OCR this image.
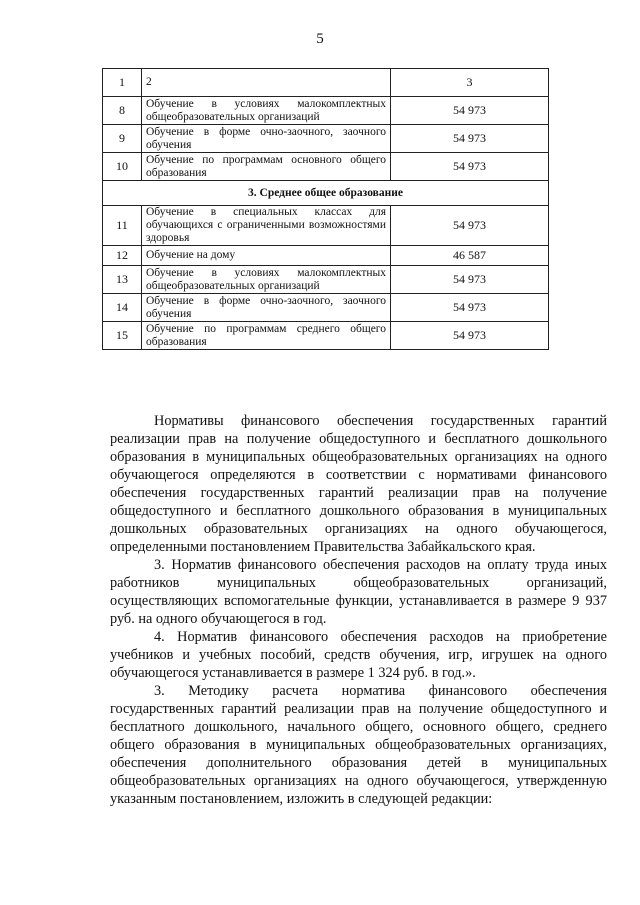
5
1	2	3
8	Обучение в условиях малокомплектных общеобразовательных организаций	54 973
9	Обучение в форме очно-заочного, заочного обучения	54 973
10	Обучение по программам основного общего образования	54 973
3. Среднее общее образование		
11	Обучение в специальных классах для обучающихся с ограниченными возможностями здоровья	54 973
12	Обучение на дому	46 587
13	Обучение в условиях малокомплектных общеобразовательных организаций	54 973
14	Обучение в форме очно-заочного, заочного обучения	54 973
15	Обучение по программам среднего общего образования	54 973

Нормативы финансового обеспечения государственных гарантий реализации прав на получение общедоступного и бесплатного дошкольного образования в муниципальных общеобразовательных организациях на одного обучающегося определяются в соответствии с нормативами финансового обеспечения государственных гарантий реализации прав на получение общедоступного и бесплатного дошкольного образования в муниципальных дошкольных образовательных организациях на одного обучающегося, определенными постановлением Правительства Забайкальского края.

3. Норматив финансового обеспечения расходов на оплату труда иных работников муниципальных общеобразовательных организаций, осуществляющих вспомогательные функции, устанавливается в размере 9 937 руб. на одного обучающегося в год.

4. Норматив финансового обеспечения расходов на приобретение учебников и учебных пособий, средств обучения, игр, игрушек на одного обучающегося устанавливается в размере 1 324 руб. в год.».

3. Методику расчета норматива финансового обеспечения государственных гарантий реализации прав на получение общедоступного и бесплатного дошкольного, начального общего, основного общего, среднего общего образования в муниципальных общеобразовательных организациях, обеспечения дополнительного образования детей в муниципальных общеобразовательных организациях на одного обучающегося, утвержденную указанным постановлением, изложить в следующей редакции:
